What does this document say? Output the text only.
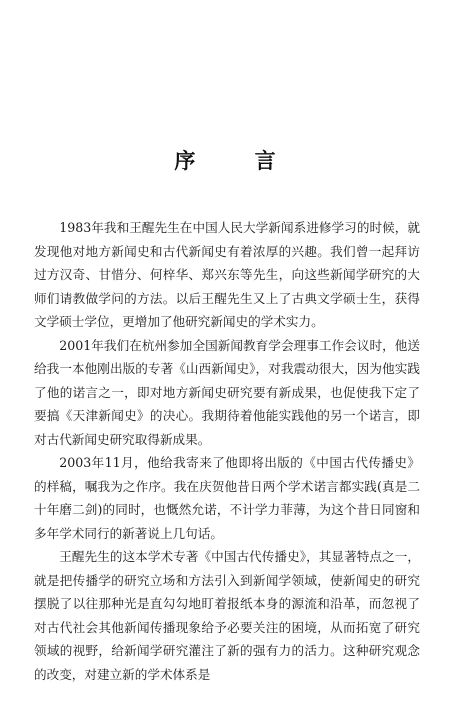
序 言

1983年我和王醒先生在中国人民大学新闻系进修学习的时候，就发现他对地方新闻史和古代新闻史有着浓厚的兴趣。我们曾一起拜访过方汉奇、甘惜分、何梓华、郑兴东等先生，向这些新闻学研究的大师们请教做学问的方法。以后王醒先生又上了古典文学硕士生，获得文学硕士学位，更增加了他研究新闻史的学术实力。

2001年我们在杭州参加全国新闻教育学会理事工作会议时，他送给我一本他刚出版的专著《山西新闻史》，对我震动很大，因为他实践了他的诺言之一，即对地方新闻史研究要有新成果，也促使我下定了要搞《天津新闻史》的决心。我期待着他能实践他的另一个诺言，即对古代新闻史研究取得新成果。

2003年11月，他给我寄来了他即将出版的《中国古代传播史》的样稿，嘱我为之作序。我在庆贺他昔日两个学术诺言都实践(真是二十年磨二剑)的同时，也慨然允诺，不计学力菲薄，为这个昔日同窗和多年学术同行的新著说上几句话。

王醒先生的这本学术专著《中国古代传播史》，其显著特点之一，就是把传播学的研究立场和方法引入到新闻学领域，使新闻史的研究摆脱了以往那种光是直勾勾地盯着报纸本身的源流和沿革，而忽视了对古代社会其他新闻传播现象给予必要关注的困境，从而拓宽了研究领域的视野，给新闻学研究灌注了新的强有力的活力。这种研究观念的改变，对建立新的学术体系是
